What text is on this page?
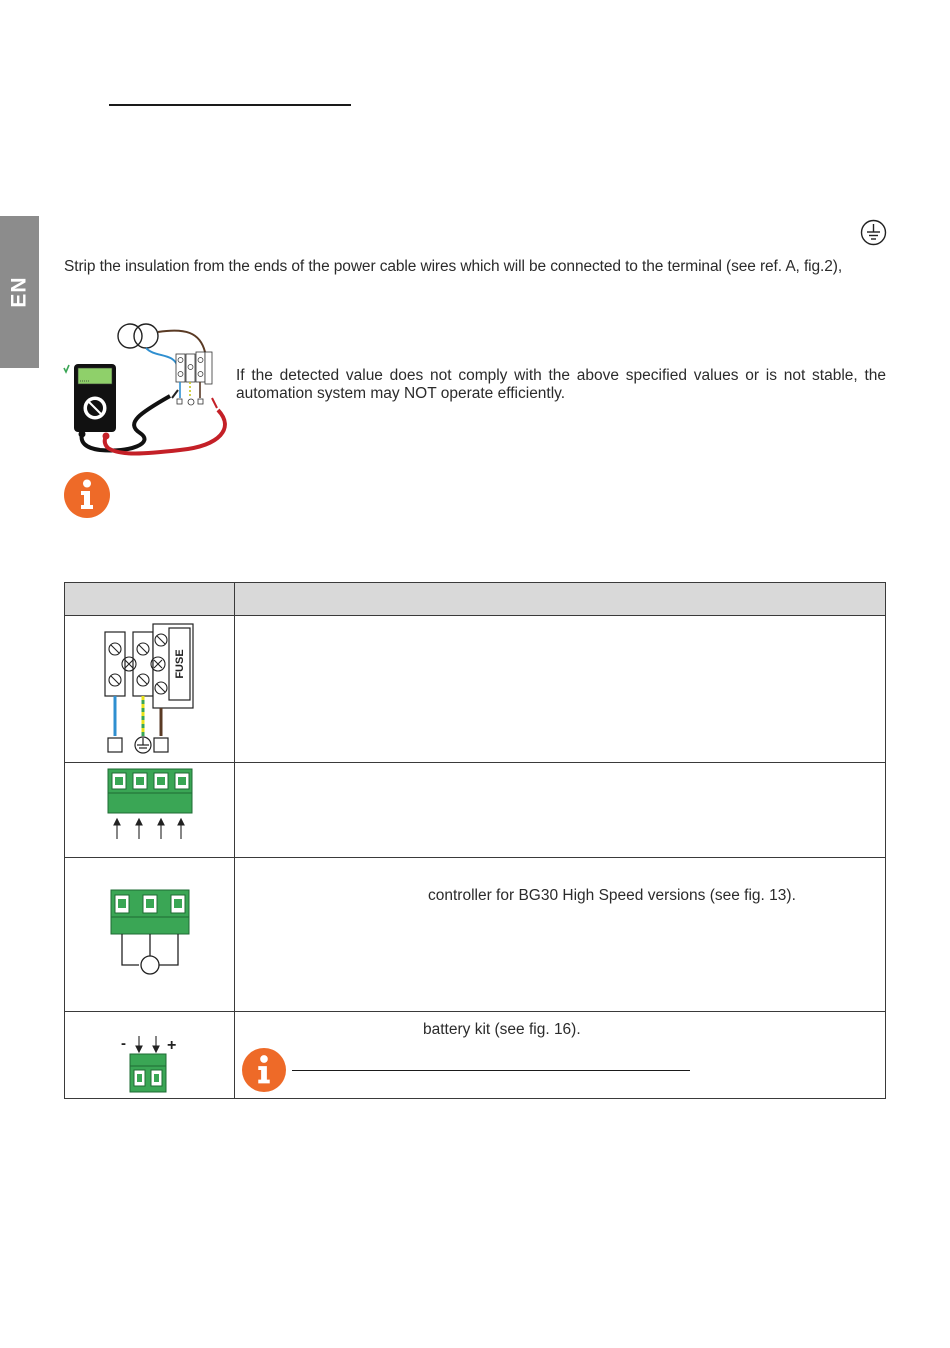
EN
Strip the insulation from the ends of the power cable wires which will be connected to the terminal (see ref. A, fig.2),
If the detected value does not comply with the above specified values or is not stable, the automation system may NOT operate efficiently.

FUSE	

controller for BG30 High Speed versions (see fig. 13).

- +	battery kit (see fig. 16).
